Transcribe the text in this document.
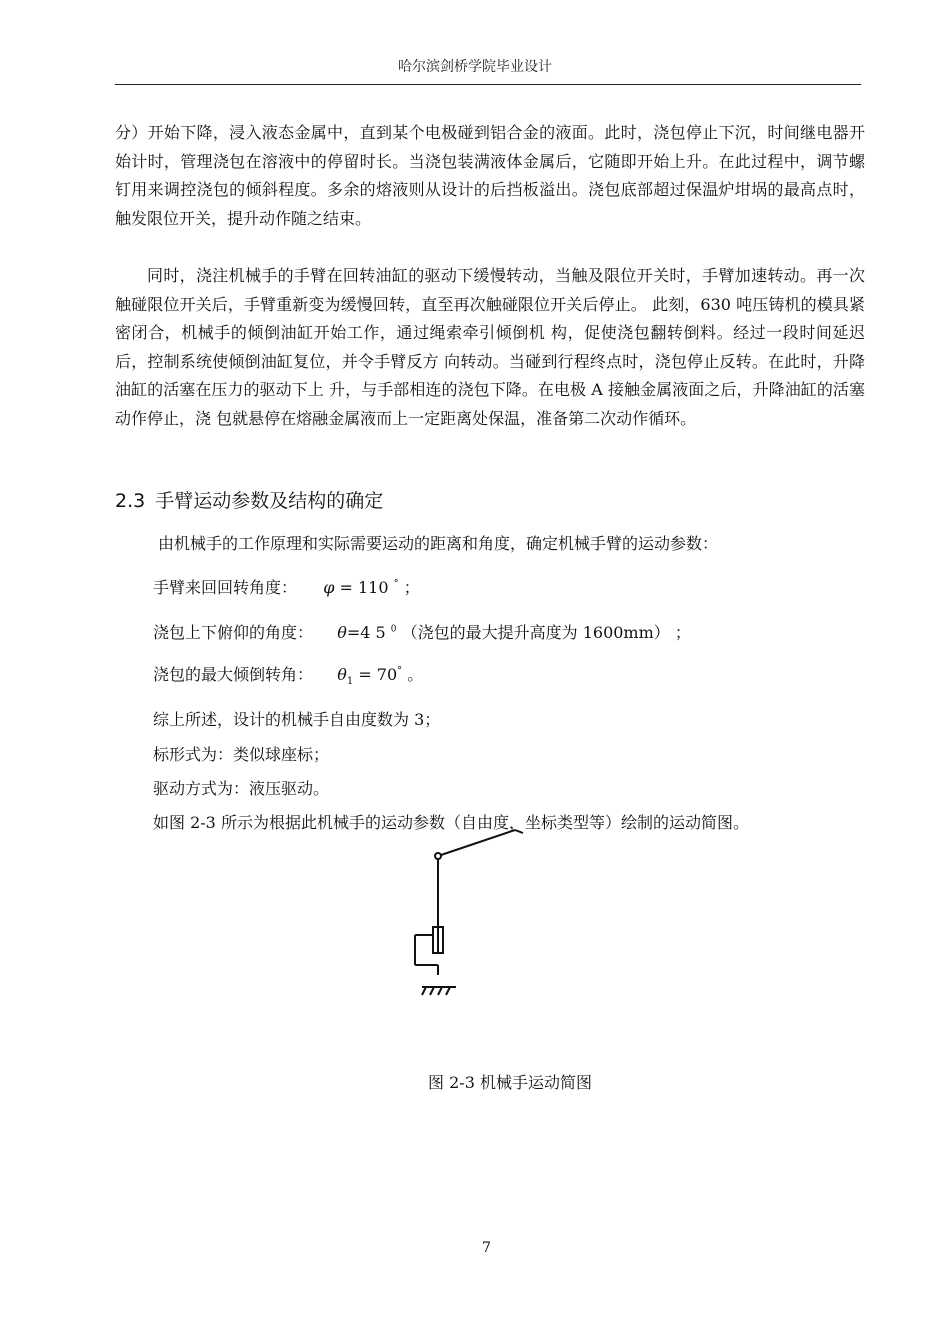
哈尔滨剑桥学院毕业设计
分）开始下降，浸入液态金属中，直到某个电极碰到铝合金的液面。此时，浇包停止下沉，时间继电器开始计时，管理浇包在溶液中的停留时长。当浇包装满液体金属后，它随即开始上升。在此过程中，调节螺钉用来调控浇包的倾斜程度。多余的熔液则从设计的后挡板溢出。浇包底部超过保温炉坩埚的最高点时，触发限位开关，提升动作随之结束。
同时，浇注机械手的手臂在回转油缸的驱动下缓慢转动，当触及限位开关时，手臂加速转动。再一次触碰限位开关后，手臂重新变为缓慢回转，直至再次触碰限位开关后停止。 此刻，630 吨压铸机的模具紧密闭合，机械手的倾倒油缸开始工作，通过绳索牵引倾倒机 构，促使浇包翻转倒料。经过一段时间延迟后，控制系统使倾倒油缸复位，并令手臂反方 向转动。当碰到行程终点时，浇包停止反转。在此时，升降油缸的活塞在压力的驱动下上 升，与手部相连的浇包下降。在电极 A 接触金属液面之后，升降油缸的活塞动作停止，浇 包就悬停在熔融金属液而上一定距离处保温，准备第二次动作循环。
2.3 手臂运动参数及结构的确定
由机械手的工作原理和实际需要运动的距离和角度，确定机械手臂的运动参数：
手臂来回回转角度： φ = 110 ° ；
浇包上下俯仰的角度： θ=4 5 $^0$ （浇包的最大提升高度为 1600mm） ；
浇包的最大倾倒转角： $\theta_1 = 70^\circ$ 。
综上所述，设计的机械手自由度数为 3；
标形式为：类似球座标；
驱动方式为：液压驱动。
如图 2-3 所示为根据此机械手的运动参数（自由度，坐标类型等）绘制的运动简图。
图 2-3 机械手运动简图
7
